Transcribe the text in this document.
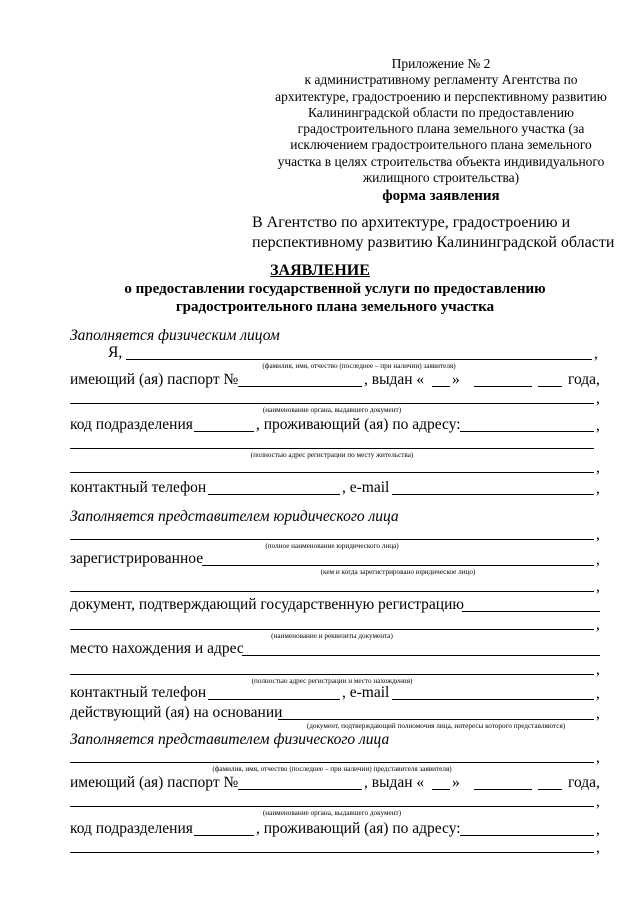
Приложение № 2
к административному регламенту Агентства по
архитектуре, градостроению и перспективному развитию
Калининградской области по предоставлению
градостроительного плана земельного участка (за
исключением градостроительного плана земельного
участка в целях строительства объекта индивидуального
жилищного строительства)
форма заявления
В Агентство по архитектуре, градостроению и
перспективному развитию Калининградской области
ЗАЯВЛЕНИЕ
о предоставлении государственной услуги по предоставлению
градостроительного плана земельного участка
Заполняется физическим лицом
Я,	,
(фамилия, имя, отчество (последнее – при наличии) заявителя)
имеющий (ая) паспорт №	, выдан « »	года,
,
(наименование органа, выдавшего документ)
код подразделения	, проживающий (ая) по адресу:	,
(полностью адрес регистрации по месту жительства)
,
контактный телефон	, e-mail	,
Заполняется представителем юридического лица
,
(полное наименование юридического лица)
зарегистрированное	,
(кем и когда зарегистрировано юридическое лицо)
,
документ, подтверждающий государственную регистрацию
,
(наименование и реквизиты документа)
место нахождения и адрес
,
(полностью адрес регистрации и место нахождения)
контактный телефон	, e-mail	,
действующий (ая) на основании	,
(документ, подтверждающий полномочия лица, интересы которого представляются)
Заполняется представителем физического лица
,
(фамилия, имя, отчество (последнее – при наличии) представителя заявителя)
имеющий (ая) паспорт №	, выдан « »	года,
,
(наименование органа, выдавшего документ)
код подразделения	, проживающий (ая) по адресу:	,
,
